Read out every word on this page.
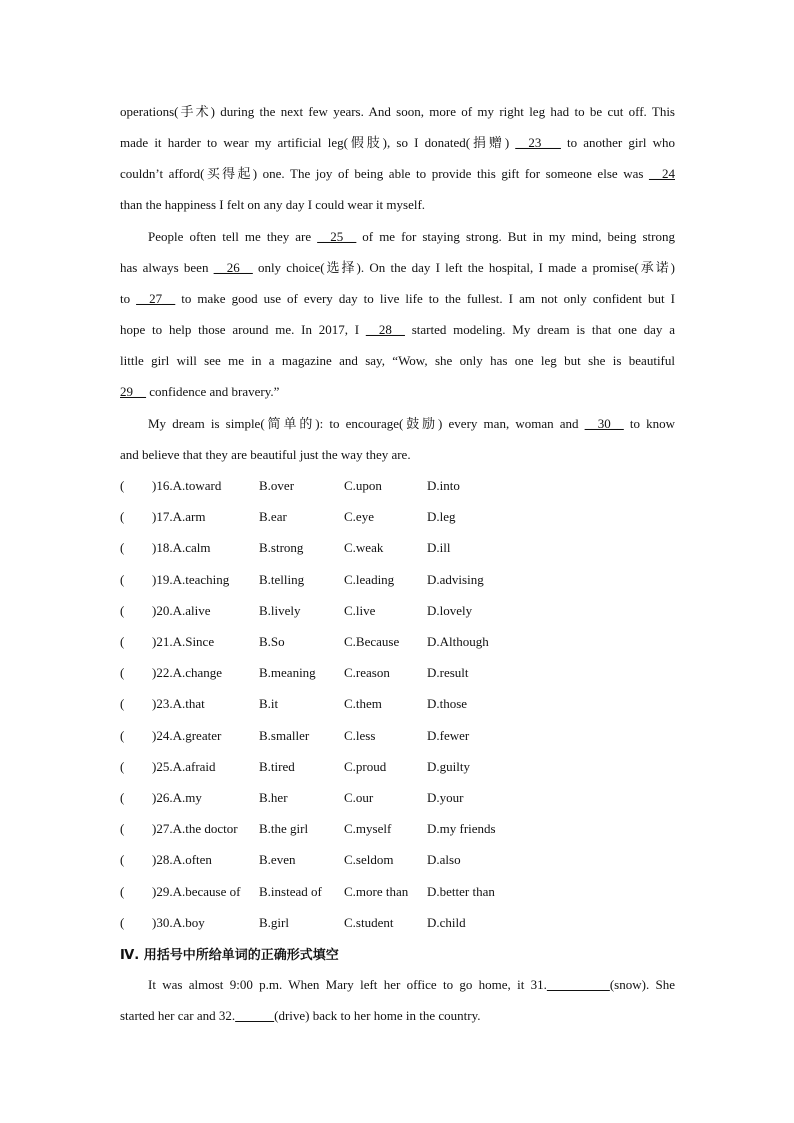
operations(手术) during the next few years. And soon, more of my right leg had to be cut off. This
made it harder to wear my artificial leg(假肢), so I donated(捐赠) __23___ to another girl who
couldn’t afford(买得起) one. The joy of being able to provide this gift for someone else was __24
than the happiness I felt on any day I could wear it myself.
People often tell me they are __25__ of me for staying strong. But in my mind, being strong
has always been __26__ only choice(选择). On the day I left the hospital, I made a promise(承诺)
to __27__ to make good use of every day to live life to the fullest. I am not only confident but I
hope to help those around me. In 2017, I __28__ started modeling. My dream is that one day a
little girl will see me in a magazine and say, “Wow, she only has one leg but she is beautiful
29__ confidence and bravery.”
My dream is simple(简单的): to encourage(鼓励) every man, woman and __30__ to know
and believe that they are beautiful just the way they are.
( )16.A.toward	B.over	C.upon	D.into
( )17.A.arm	B.ear	C.eye	D.leg
( )18.A.calm	B.strong	C.weak	D.ill
( )19.A.teaching B.telling	C.leading	D.advising
( )20.A.alive	B.lively	C.live	D.lovely
( )21.A.Since	B.So	C.Because D.Although
( )22.A.change	B.meaning C.reason	D.result
( )23.A.that	B.it	C.them	D.those
( )24.A.greater	B.smaller	C.less	D.fewer
( )25.A.afraid	B.tired	C.proud	D.guilty
( )26.A.my	B.her	C.our	D.your
( )27.A.the doctor B.the girl	C.myself	D.my friends
( )28.A.often	B.even	C.seldom	D.also
( )29.A.because of B.instead of C.more than D.better than
( )30.A.boy	B.girl	C.student	D.child
Ⅳ. 用括号中所给单词的正确形式填空
It was almost 9:00 p.m. When Mary left her office to go home, it 31.	(snow). She
started her car and 32.	(drive) back to her home in the country.
